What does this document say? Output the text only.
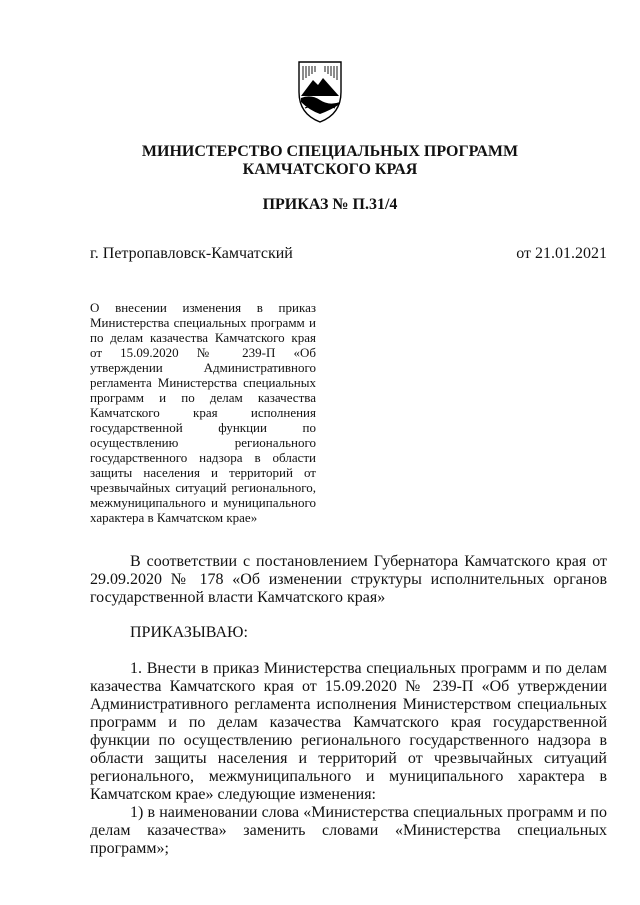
МИНИСТЕРСТВО СПЕЦИАЛЬНЫХ ПРОГРАММ
КАМЧАТСКОГО КРАЯ
ПРИКАЗ № П.31/4
г. Петропавловск-Камчатский	от 21.01.2021
О внесении изменения в приказ Министерства специальных программ и по делам казачества Камчатского края от 15.09.2020 № 239-П «Об утверждении Административного регламента Министерства специальных программ и по делам казачества Камчатского края исполнения государственной функции по осуществлению регионального государственного надзора в области защиты населения и территорий от чрезвычайных ситуаций регионального, межмуниципального и муниципального характера в Камчатском крае»
В соответствии с постановлением Губернатора Камчатского края от 29.09.2020 № 178 «Об изменении структуры исполнительных органов государственной власти Камчатского края»
ПРИКАЗЫВАЮ:
1. Внести в приказ Министерства специальных программ и по делам казачества Камчатского края от 15.09.2020 № 239-П «Об утверждении Административного регламента исполнения Министерством специальных программ и по делам казачества Камчатского края государственной функции по осуществлению регионального государственного надзора в области защиты населения и территорий от чрезвычайных ситуаций регионального, межмуниципального и муниципального характера в Камчатском крае» следующие изменения:
1) в наименовании слова «Министерства специальных программ и по делам казачества» заменить словами «Министерства специальных программ»;
